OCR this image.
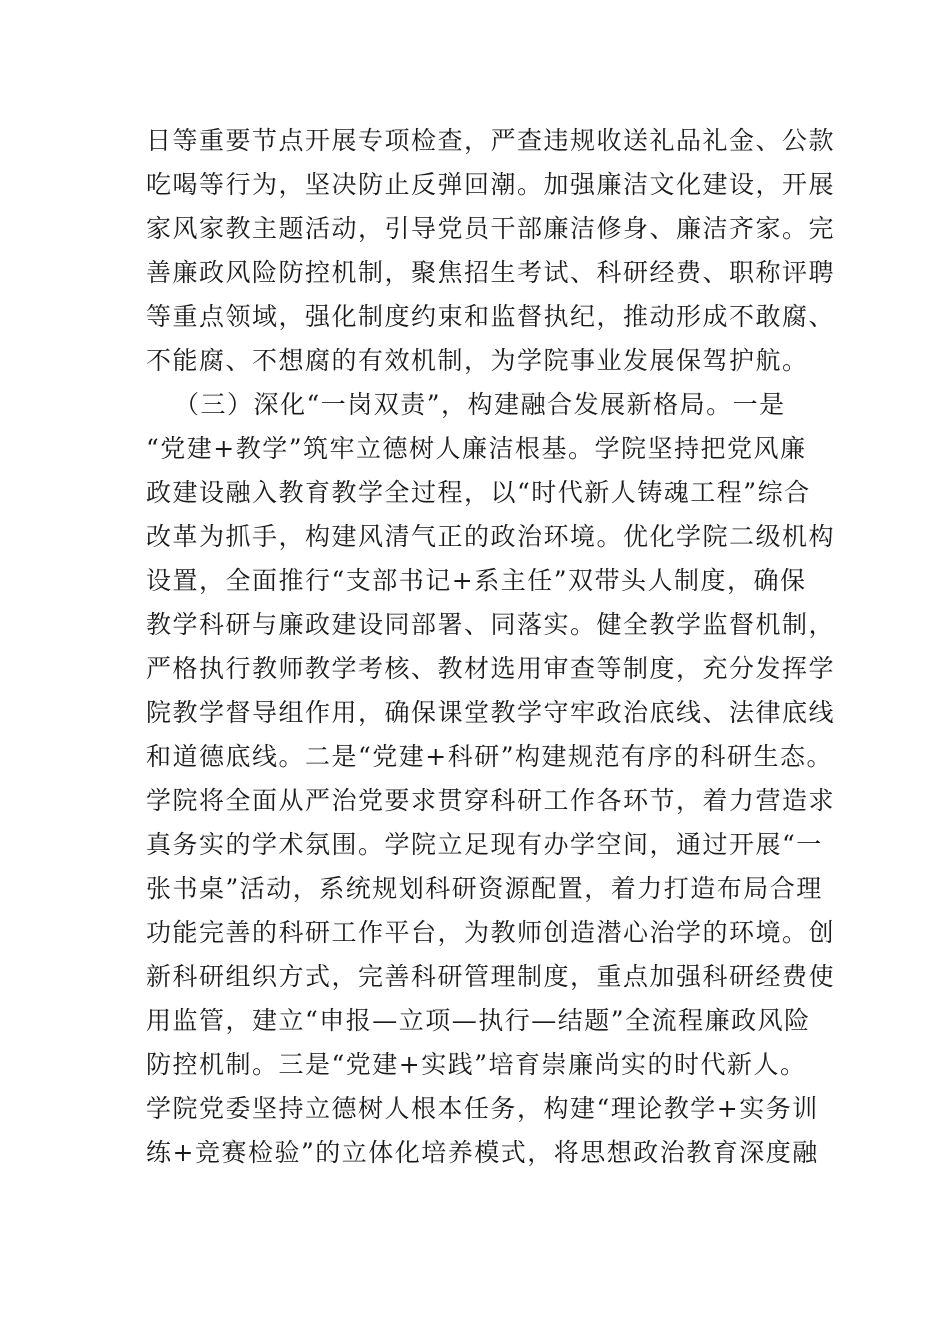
日等重要节点开展专项检查，严查违规收送礼品礼金、公款
吃喝等行为，坚决防止反弹回潮。加强廉洁文化建设，开展
家风家教主题活动，引导党员干部廉洁修身、廉洁齐家。完
善廉政风险防控机制，聚焦招生考试、科研经费、职称评聘
等重点领域，强化制度约束和监督执纪，推动形成不敢腐、
不能腐、不想腐的有效机制，为学院事业发展保驾护航。
（三）深化“一岗双责”，构建融合发展新格局。一是
“党建+教学”筑牢立德树人廉洁根基。学院坚持把党风廉
政建设融入教育教学全过程，以“时代新人铸魂工程”综合
改革为抓手，构建风清气正的政治环境。优化学院二级机构
设置，全面推行“支部书记+系主任”双带头人制度，确保
教学科研与廉政建设同部署、同落实。健全教学监督机制，
严格执行教师教学考核、教材选用审查等制度，充分发挥学
院教学督导组作用，确保课堂教学守牢政治底线、法律底线
和道德底线。二是“党建+科研”构建规范有序的科研生态。
学院将全面从严治党要求贯穿科研工作各环节，着力营造求
真务实的学术氛围。学院立足现有办学空间，通过开展“一
张书桌”活动，系统规划科研资源配置，着力打造布局合理
功能完善的科研工作平台，为教师创造潜心治学的环境。创
新科研组织方式，完善科研管理制度，重点加强科研经费使
用监管，建立“申报—立项—执行—结题”全流程廉政风险
防控机制。三是“党建+实践”培育崇廉尚实的时代新人。
学院党委坚持立德树人根本任务，构建“理论教学+实务训
练+竞赛检验”的立体化培养模式，将思想政治教育深度融
